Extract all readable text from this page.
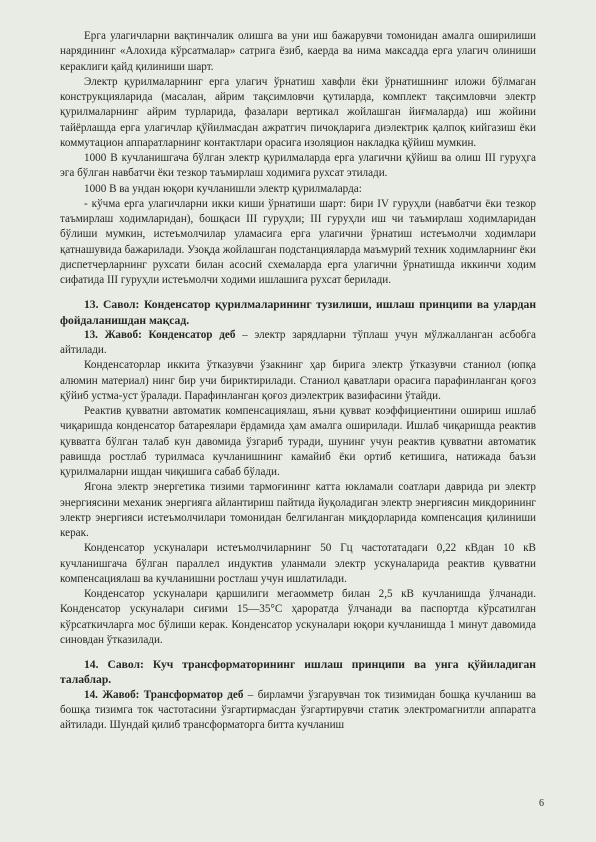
Ерга улагичларни вақтинчалик олишга ва уни иш бажарувчи томонидан амалга оширилиши нарядининг «Алохида кўрсатмалар» сатрига ёзиб, каерда ва нима максадда ерга улагич олиниши кераклиги қайд қилиниши шарт.

Электр қурилмаларнинг ерга улагич ўрнатиш хавфли ёки ўрнатишнинг иложи бўлмаган конструкцияларида (масалан, айрим тақсимловчи қутиларда, комплект тақсимловчи электр қурилмаларнинг айрим турларида, фазалари вертикал жойлашган йиғмаларда) иш жойини тайёрлашда ерга улагичлар қўйилмасдан ажратгич пичоқларига диэлектрик қалпоқ кийгазиш ёки коммутацион аппаратларнинг контактлари орасига изоляцион накладка қўйиш мумкин.

1000 В кучланишгача бўлган электр қурилмаларда ерга улагични қўйиш ва олиш III гуруҳга эга бўлган навбатчи ёки тезкор таъмирлаш ходимига рухсат этилади.

1000 В ва ундан юқори кучланишли электр қурилмаларда:

- кўчма ерга улагичларни икки киши ўрнатиши шарт: бири IV гуруҳли (навбатчи ёки тезкор таъмирлаш ходимларидан), бошқаси III гуруҳли; III гуруҳли иш чи таъмирлаш ходимларидан бўлиши мумкин, истеъмолчилар уламасига ерга улагични ўрнатиш истеъмолчи ходимлари қатнашувида бажарилади. Узоқда жойлашган подстанцияларда маъмурий техник ходимларнинг ёки диспетчерларнинг рухсати билан асосий схемаларда ерга улагични ўрнатишда иккинчи ходим сифатида III гуруҳли истеъмолчи ходими ишлашига рухсат берилади.

13. Савол: Конденсатор қурилмаларининг тузилиши, ишлаш принципи ва улардан фойдаланишдан мақсад.

13. Жавоб: Конденсатор деб – электр зарядларни тўплаш учун мўлжалланган асбобга айтилади.

Конденсаторлар иккита ўтказувчи ўзакнинг ҳар бирига электр ўтказувчи станиол (юпқа алюмин материал) нинг бир учи бириктирилади. Станиол қаватлари орасига парафинланган қоғоз қўйиб устма-уст ўралади. Парафинланган қоғоз диэлектрик вазифасини ўтайди.

Реактив қувватни автоматик компенсациялаш, яъни қувват коэффициентини ошириш ишлаб чиқаришда конденсатор батареялари ёрдамида ҳам амалга оширилади. Ишлаб чиқаришда реактив қувватга бўлган талаб кун давомида ўзгариб туради, шунинг учун реактив қувватни автоматик равишда ростлаб турилмаса кучланишнинг камайиб ёки ортиб кетишига, натижада баъзи қурилмаларни ишдан чиқишига сабаб бўлади.

Ягона электр энергетика тизими тармоғининг катта юкламали соатлари даврида ри электр энергиясини механик энергияга айлантириш пайтида йуқоладиган электр энергиясин микдорининг электр энергияси истеъмолчилари томонидан белгиланган миқдорларида компенсация қилиниши керак.

Конденсатор ускуналари истеъмолчиларнинг 50 Гц частотатадаги 0,22 кВдан 10 кВ кучланишгача бўлган параллел индуктив уланмали электр ускуналарида реактив қувватни компенсациялаш ва кучланишни ростлаш учун ишлатилади.

Конденсатор ускуналари қаршилиги мегаомметр билан 2,5 кВ кучланишда ўлчанади. Конденсатор ускуналари сиғими 15—35°С ҳароратда ўлчанади ва паспортда кўрсатилган кўрсаткичларга мос бўлиши керак. Конденсатор ускуналари юқори кучланишда 1 минут давомида синовдан ўтказилади.

14. Савол: Куч трансформаторининг ишлаш принципи ва унга қўйиладиган талаблар.

14. Жавоб: Трансформатор деб – бирламчи ўзгарувчан ток тизимидан бошқа кучланиш ва бошқа тизимга ток частотасини ўзгартирмасдан ўзгартирувчи статик электромагнитли аппаратга айтилади. Шундай қилиб трансформаторга битта кучланиш

6
